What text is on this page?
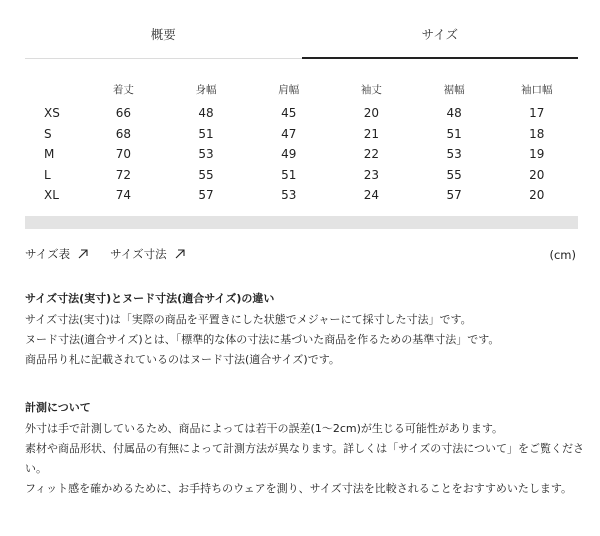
概要	サイズ
	着丈	身幅	肩幅	袖丈	裾幅	袖口幅
XS	66	48	45	20	48	17
S	68	51	47	21	51	18
M	70	53	49	22	53	19
L	72	55	51	23	55	20
XL	74	57	53	24	57	20
サイズ表	サイズ寸法	(cm)
サイズ寸法(実寸)とヌード寸法(適合サイズ)の違い
サイズ寸法(実寸)は「実際の商品を平置きにした状態でメジャーにて採寸した寸法」です。
ヌード寸法(適合サイズ)とは、「標準的な体の寸法に基づいた商品を作るための基準寸法」です。
商品吊り札に記載されているのはヌード寸法(適合サイズ)です。
計測について
外寸は手で計測しているため、商品によっては若干の誤差(1〜2cm)が生じる可能性があります。
素材や商品形状、付属品の有無によって計測方法が異なります。詳しくは「サイズの寸法について」をご覧ください。
フィット感を確かめるために、お手持ちのウェアを測り、サイズ寸法を比較されることをおすすめいたします。
